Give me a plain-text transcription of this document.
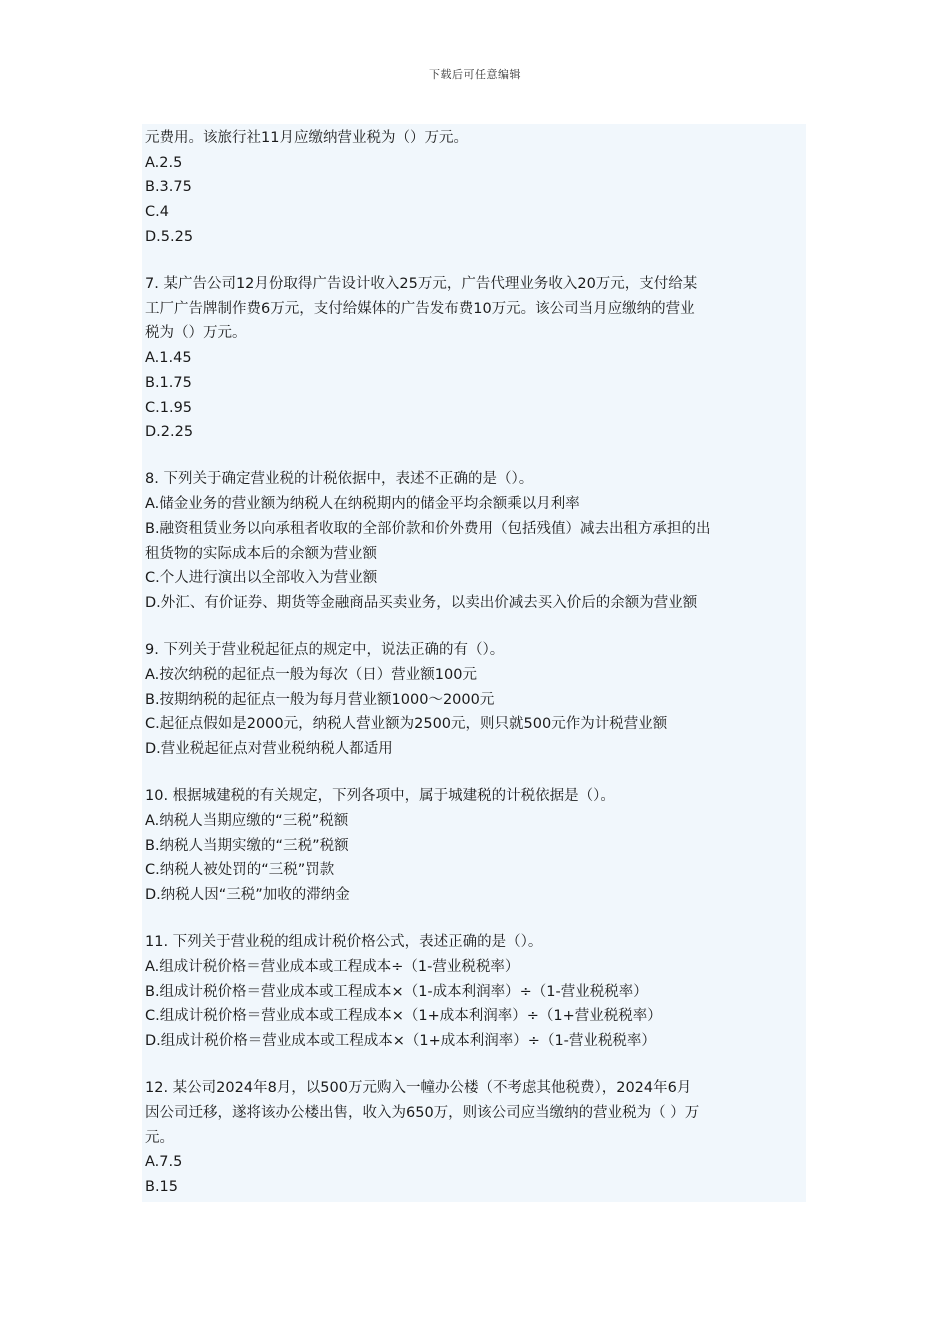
下载后可任意编辑

元费用。该旅行社11月应缴纳营业税为（）万元。

A.2.5

B.3.75

C.4

D.5.25

7. 某广告公司12月份取得广告设计收入25万元，广告代理业务收入20万元，支付给某

工厂广告牌制作费6万元，支付给媒体的广告发布费10万元。该公司当月应缴纳的营业

税为（）万元。

A.1.45

B.1.75

C.1.95

D.2.25

8. 下列关于确定营业税的计税依据中，表述不正确的是（）。

A.储金业务的营业额为纳税人在纳税期内的储金平均余额乘以月利率

B.融资租赁业务以向承租者收取的全部价款和价外费用（包括残值）减去出租方承担的出

租货物的实际成本后的余额为营业额

C.个人进行演出以全部收入为营业额

D.外汇、有价证券、期货等金融商品买卖业务，以卖出价减去买入价后的余额为营业额

9. 下列关于营业税起征点的规定中，说法正确的有（）。

A.按次纳税的起征点一般为每次（日）营业额100元

B.按期纳税的起征点一般为每月营业额1000～2000元

C.起征点假如是2000元，纳税人营业额为2500元，则只就500元作为计税营业额

D.营业税起征点对营业税纳税人都适用

10. 根据城建税的有关规定，下列各项中，属于城建税的计税依据是（）。

A.纳税人当期应缴的“三税”税额

B.纳税人当期实缴的“三税”税额

C.纳税人被处罚的“三税”罚款

D.纳税人因“三税”加收的滞纳金

11. 下列关于营业税的组成计税价格公式，表述正确的是（）。

A.组成计税价格＝营业成本或工程成本÷（1-营业税税率）

B.组成计税价格＝营业成本或工程成本×（1-成本利润率）÷（1-营业税税率）

C.组成计税价格＝营业成本或工程成本×（1+成本利润率）÷（1+营业税税率）

D.组成计税价格＝营业成本或工程成本×（1+成本利润率）÷（1-营业税税率）

12. 某公司2024年8月，以500万元购入一幢办公楼（不考虑其他税费），2024年6月

因公司迁移，遂将该办公楼出售，收入为650万，则该公司应当缴纳的营业税为（ ）万

元。

A.7.5

B.15
